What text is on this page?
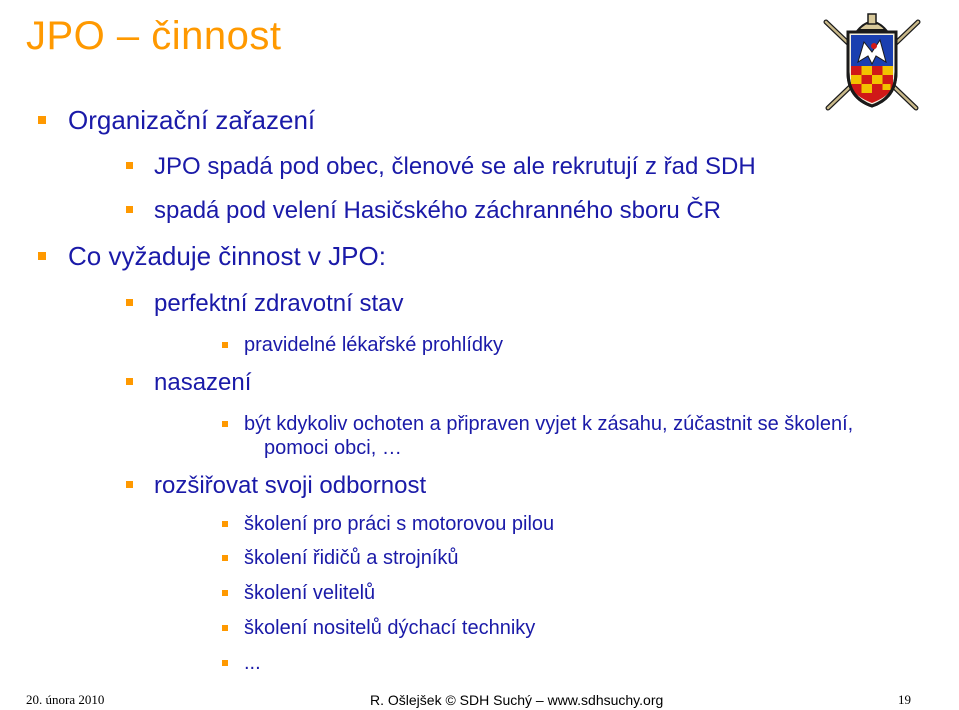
JPO – činnost
Organizační zařazení
JPO spadá pod obec, členové se ale rekrutují z řad SDH
spadá pod velení Hasičského záchranného sboru ČR
Co vyžaduje činnost v JPO:
perfektní zdravotní stav
pravidelné lékařské prohlídky
nasazení
být kdykoliv ochoten a připraven vyjet k zásahu, zúčastnit se školení,
pomoci obci, …
rozšiřovat svoji odbornost
školení pro práci s motorovou pilou
školení řidičů a strojníků
školení velitelů
školení nositelů dýchací techniky
...
20. února 2010	R. Ošlejšek © SDH Suchý – www.sdhsuchy.org	19
